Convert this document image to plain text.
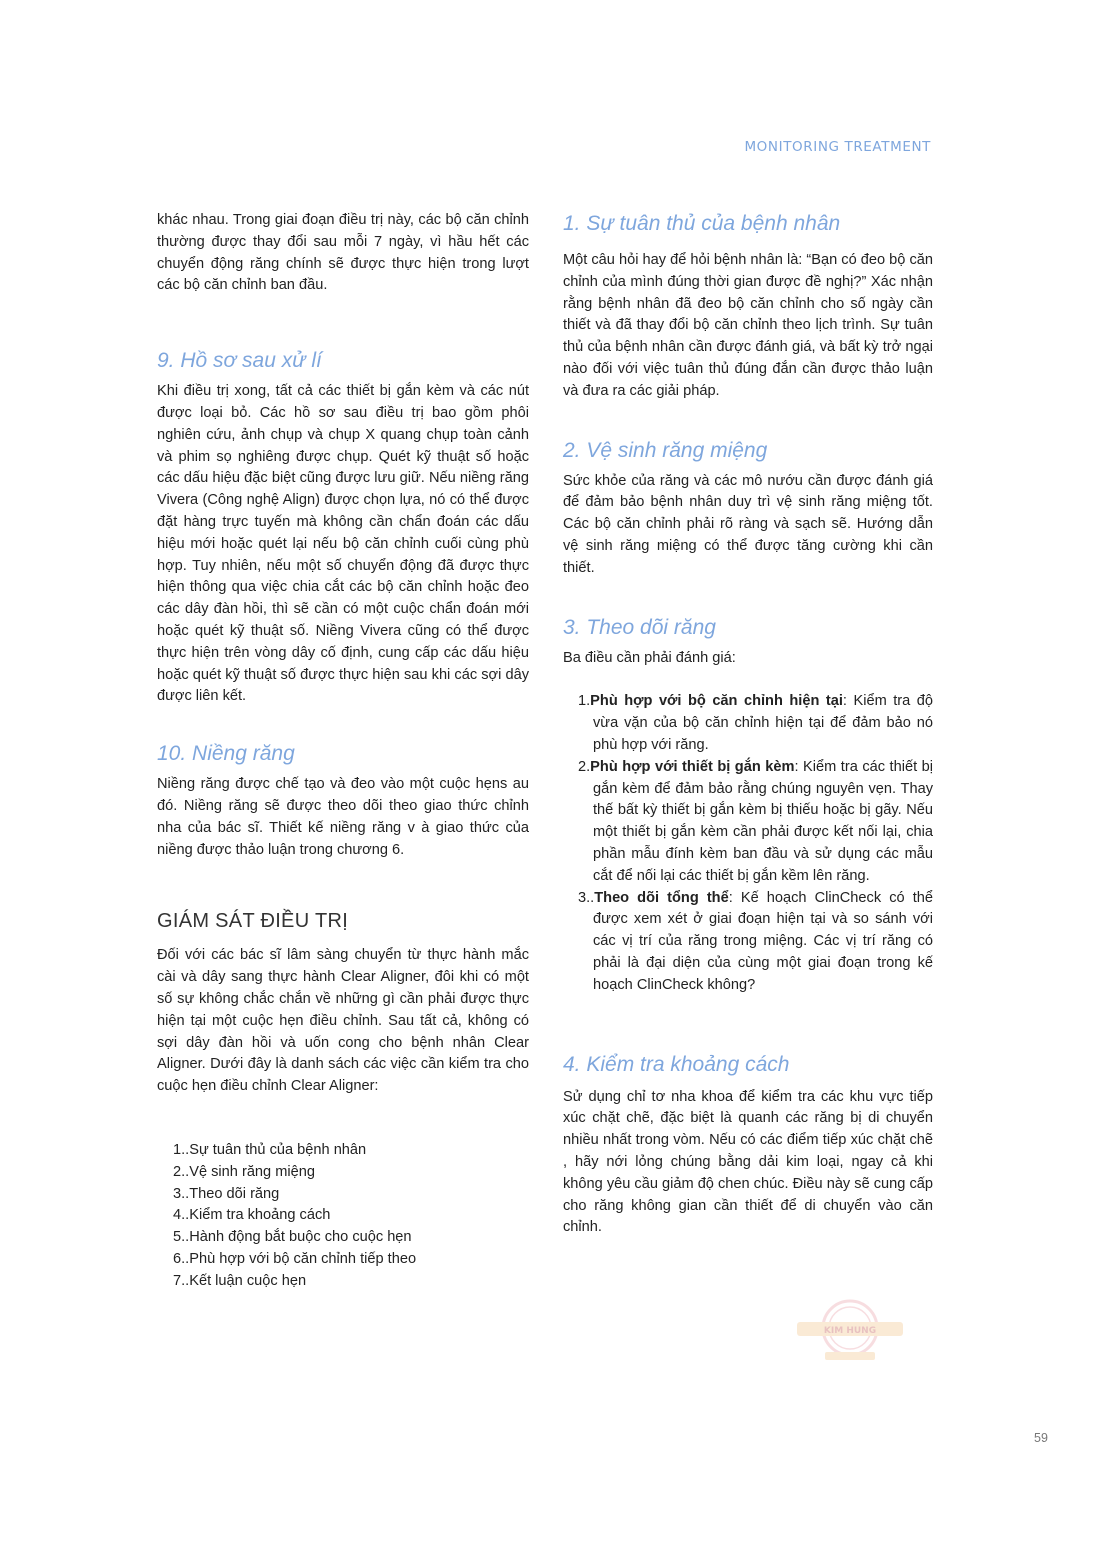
MONITORING TREATMENT

khác nhau. Trong giai đoạn điều trị này, các bộ căn chỉnh thường được thay đổi sau mỗi 7 ngày, vì hầu hết các chuyển động răng chính sẽ được thực hiện trong lượt các bộ căn chỉnh ban đầu.

9. Hồ sơ sau xử lí

Khi điều trị xong, tất cả các thiết bị gắn kèm và các nút được loại bỏ. Các hồ sơ sau điều trị bao gồm phôi nghiên cứu, ảnh chụp và chụp X quang chụp toàn cảnh và phim sọ nghiêng được chụp. Quét kỹ thuật số hoặc các dấu hiệu đặc biệt cũng được lưu giữ. Nếu niềng răng Vivera (Công nghệ Align) được chọn lựa, nó có thể được đặt hàng trực tuyến mà không cần chẩn đoán các dấu hiệu mới hoặc quét lại nếu bộ căn chỉnh cuối cùng phù hợp. Tuy nhiên, nếu một số chuyển động đã được thực hiện thông qua việc chia cắt các bộ căn chỉnh hoặc đeo các dây đàn hồi, thì sẽ cần có một cuộc chẩn đoán mới hoặc quét kỹ thuật số. Niềng Vivera cũng có thể được thực hiện trên vòng dây cố định, cung cấp các dấu hiệu hoặc quét kỹ thuật số được thực hiện sau khi các sợi dây được liên kết.

10. Niềng răng

Niềng răng được chế tạo và đeo vào một cuộc hẹns au đó. Niềng răng sẽ được theo dõi theo giao thức chỉnh nha của bác sĩ. Thiết kế niềng răng v à giao thức của niềng được thảo luận trong chương 6.

GIÁM SÁT ĐIỀU TRỊ

Đối với các bác sĩ lâm sàng chuyển từ thực hành mắc cài và dây sang thực hành Clear Aligner, đôi khi có một số sự không chắc chắn về những gì cần phải được thực hiện tại một cuộc hẹn điều chỉnh. Sau tất cả, không có sợi dây đàn hồi và uốn cong cho bệnh nhân Clear Aligner. Dưới đây là danh sách các việc cần kiểm tra cho cuộc hẹn điều chỉnh Clear Aligner:

1..Sự tuân thủ của bệnh nhân
2..Vệ sinh răng miệng
3..Theo dõi răng
4..Kiểm tra khoảng cách
5..Hành động bắt buộc cho cuộc hẹn
6..Phù hợp với bộ căn chỉnh tiếp theo
7..Kết luận cuộc hẹn
1. Sự tuân thủ của bệnh nhân

Một câu hỏi hay để hỏi bệnh nhân là: “Bạn có đeo bộ căn chỉnh của mình đúng thời gian được đề nghị?” Xác nhận rằng bệnh nhân đã đeo bộ căn chỉnh cho số ngày cần thiết và đã thay đổi bộ căn chỉnh theo lịch trình. Sự tuân thủ của bệnh nhân cần được đánh giá, và bất kỳ trở ngại nào đối với việc tuân thủ đúng đắn cần được thảo luận và đưa ra các giải pháp.

2. Vệ sinh răng miệng

Sức khỏe của răng và các mô nướu cần được đánh giá để đảm bảo bệnh nhân duy trì vệ sinh răng miệng tốt. Các bộ căn chỉnh phải rõ ràng và sạch sẽ. Hướng dẫn vệ sinh răng miệng có thể được tăng cường khi cần thiết.

3. Theo dõi răng

Ba điều cần phải đánh giá:

1.Phù hợp với bộ căn chỉnh hiện tại: Kiểm tra độ vừa vặn của bộ căn chỉnh hiện tại để đảm bảo nó phù hợp với răng.
2.Phù hợp với thiết bị gắn kèm: Kiểm tra các thiết bị gắn kèm để đảm bảo rằng chúng nguyên vẹn. Thay thế bất kỳ thiết bị gắn kèm bị thiếu hoặc bị gãy. Nếu một thiết bị gắn kèm cần phải được kết nối lại, chia phần mẫu đính kèm ban đầu và sử dụng các mẫu cắt để nối lại các thiết bị gắn kềm lên răng.
3..Theo dõi tổng thể: Kế hoạch ClinCheck có thể được xem xét ở giai đoạn hiện tại và so sánh với các vị trí của răng trong miệng. Các vị trí răng có phải là đại diện của cùng một giai đoạn trong kế hoạch ClinCheck không?
4. Kiểm tra khoảng cách

Sử dụng chỉ tơ nha khoa để kiểm tra các khu vực tiếp xúc chặt chẽ, đặc biệt là quanh các răng bị di chuyển nhiều nhất trong vòm. Nếu có các điểm tiếp xúc chặt chẽ , hãy nới lỏng chúng bằng dải kim loại, ngay cả khi không yêu cầu giảm độ chen chúc. Điều này sẽ cung cấp cho răng không gian cần thiết để di chuyển vào căn chỉnh.

KIM HUNG
59
